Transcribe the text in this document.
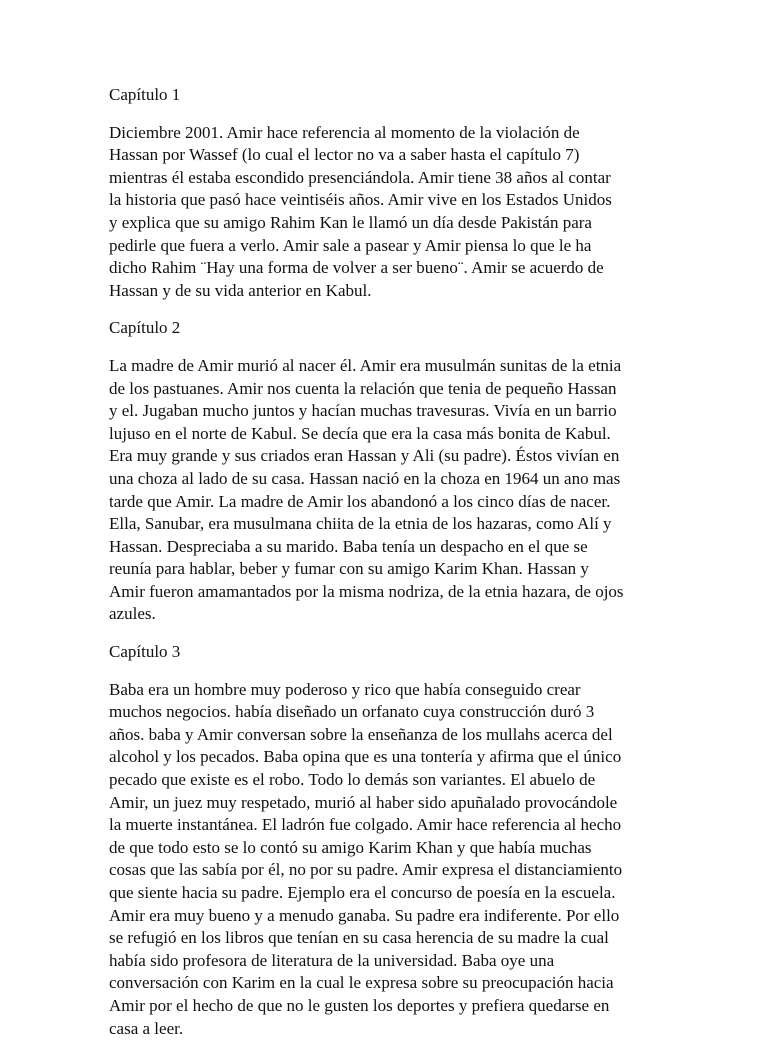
Capítulo 1

Diciembre 2001. Amir hace referencia al momento de la violación de
Hassan por Wassef (lo cual el lector no va a saber hasta el capítulo 7)
mientras él estaba escondido presenciándola. Amir tiene 38 años al contar
la historia que pasó hace veintiséis años. Amir vive en los Estados Unidos
y explica que su amigo Rahim Kan le llamó un día desde Pakistán para
pedirle que fuera a verlo. Amir sale a pasear y Amir piensa lo que le ha
dicho Rahim ¨Hay una forma de volver a ser bueno¨. Amir se acuerdo de
Hassan y de su vida anterior en Kabul.

Capítulo 2

La madre de Amir murió al nacer él. Amir era musulmán sunitas de la etnia
de los pastuanes. Amir nos cuenta la relación que tenia de pequeño Hassan
y el. Jugaban mucho juntos y hacían muchas travesuras. Vivía en un barrio
lujuso en el norte de Kabul. Se decía que era la casa más bonita de Kabul.
Era muy grande y sus criados eran Hassan y Ali (su padre). Éstos vivían en
una choza al lado de su casa. Hassan nació en la choza en 1964 un ano mas
tarde que Amir. La madre de Amir los abandonó a los cinco días de nacer.
Ella, Sanubar, era musulmana chiita de la etnia de los hazaras, como Alí y
Hassan. Despreciaba a su marido. Baba tenía un despacho en el que se
reunía para hablar, beber y fumar con su amigo Karim Khan. Hassan y
Amir fueron amamantados por la misma nodriza, de la etnia hazara, de ojos
azules.

Capítulo 3

Baba era un hombre muy poderoso y rico que había conseguido crear
muchos negocios. había diseñado un orfanato cuya construcción duró 3
años. baba y Amir conversan sobre la enseñanza de los mullahs acerca del
alcohol y los pecados. Baba opina que es una tontería y afirma que el único
pecado que existe es el robo. Todo lo demás son variantes. El abuelo de
Amir, un juez muy respetado, murió al haber sido apuñalado provocándole
la muerte instantánea. El ladrón fue colgado. Amir hace referencia al hecho
de que todo esto se lo contó su amigo Karim Khan y que había muchas
cosas que las sabía por él, no por su padre. Amir expresa el distanciamiento
que siente hacia su padre. Ejemplo era el concurso de poesía en la escuela.
Amir era muy bueno y a menudo ganaba. Su padre era indiferente. Por ello
se refugió en los libros que tenían en su casa herencia de su madre la cual
había sido profesora de literatura de la universidad. Baba oye una
conversación con Karim en la cual le expresa sobre su preocupación hacia
Amir por el hecho de que no le gusten los deportes y prefiera quedarse en
casa a leer.
